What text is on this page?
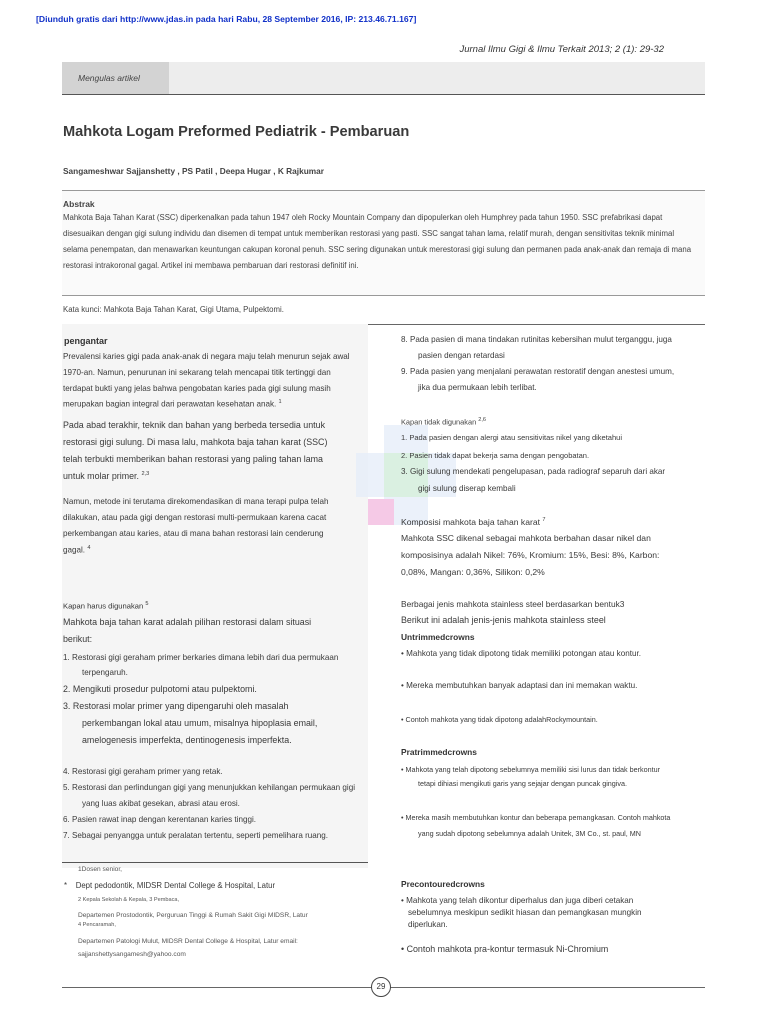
[Diunduh gratis dari http://www.jdas.in pada hari Rabu, 28 September 2016, IP: 213.46.71.167]
Jurnal Ilmu Gigi & Ilmu Terkait 2013; 2 (1): 29-32
Mengulas artikel
Mahkota Logam Preformed Pediatrik - Pembaruan
Sangameshwar Sajjanshetty , PS Patil , Deepa Hugar , K Rajkumar
Abstrak
Mahkota Baja Tahan Karat (SSC) diperkenalkan pada tahun 1947 oleh Rocky Mountain Company dan dipopulerkan oleh Humphrey pada tahun 1950. SSC prefabrikasi dapat
disesuaikan dengan gigi sulung individu dan disemen di tempat untuk memberikan restorasi yang pasti. SSC sangat tahan lama, relatif murah, dengan sensitivitas teknik minimal
selama penempatan, dan menawarkan keuntungan cakupan koronal penuh. SSC sering digunakan untuk merestorasi gigi sulung dan permanen pada anak-anak dan remaja di mana
restorasi intrakoronal gagal. Artikel ini membawa pembaruan dari restorasi definitif ini.
Kata kunci: Mahkota Baja Tahan Karat, Gigi Utama, Pulpektomi.
pengantar
Prevalensi karies gigi pada anak-anak di negara maju telah menurun sejak awal
1970-an. Namun, penurunan ini sekarang telah mencapai titik tertinggi dan
terdapat bukti yang jelas bahwa pengobatan karies pada gigi sulung masih
merupakan bagian integral dari perawatan kesehatan anak. $^1$
Pada abad terakhir, teknik dan bahan yang berbeda tersedia untuk
restorasi gigi sulung. Di masa lalu, mahkota baja tahan karat (SSC)
telah terbukti memberikan bahan restorasi yang paling tahan lama
untuk molar primer. $^{2,3}$
Namun, metode ini terutama direkomendasikan di mana terapi pulpa telah
dilakukan, atau pada gigi dengan restorasi multi-permukaan karena cacat
perkembangan atau karies, atau di mana bahan restorasi lain cenderung
gagal. $^4$
Kapan harus digunakan $^5$
Mahkota baja tahan karat adalah pilihan restorasi dalam situasi
berikut:
1. Restorasi gigi geraham primer berkaries dimana lebih dari dua permukaan
terpengaruh.
2. Mengikuti prosedur pulpotomi atau pulpektomi.
3. Restorasi molar primer yang dipengaruhi oleh masalah
perkembangan lokal atau umum, misalnya hipoplasia email,
amelogenesis imperfekta, dentinogenesis imperfekta.
4. Restorasi gigi geraham primer yang retak.
5. Restorasi dan perlindungan gigi yang menunjukkan kehilangan permukaan gigi
yang luas akibat gesekan, abrasi atau erosi.
6. Pasien rawat inap dengan kerentanan karies tinggi.
7. Sebagai penyangga untuk peralatan tertentu, seperti pemelihara ruang.
1Dosen senior,
*    Dept pedodontik, MIDSR Dental College & Hospital, Latur
2 Kepala Sekolah & Kepala, 3 Pembaca,
Departemen Prostodontik, Perguruan Tinggi & Rumah Sakit Gigi MIDSR, Latur
4 Pencaramah,
Departemen Patologi Mulut, MIDSR Dental College & Hospital, Latur email:
sajjanshettysangamesh@yahoo.com
8. Pada pasien di mana tindakan rutinitas kebersihan mulut terganggu, juga
pasien dengan retardasi
9. Pada pasien yang menjalani perawatan restoratif dengan anestesi umum,
jika dua permukaan lebih terlibat.
Kapan tidak digunakan $^{2,6}$
1. Pada pasien dengan alergi atau sensitivitas nikel yang diketahui
2. Pasien tidak dapat bekerja sama dengan pengobatan.
3. Gigi sulung mendekati pengelupasan, pada radiograf separuh dari akar
gigi sulung diserap kembali
Komposisi mahkota baja tahan karat $^7$
Mahkota SSC dikenal sebagai mahkota berbahan dasar nikel dan
komposisinya adalah Nikel: 76%, Kromium: 15%, Besi: 8%, Karbon:
0,08%, Mangan: 0,36%, Silikon: 0,2%
Berbagai jenis mahkota stainless steel berdasarkan bentuk3
Berikut ini adalah jenis-jenis mahkota stainless steel
Untrimmedcrowns
• Mahkota yang tidak dipotong tidak memiliki potongan atau kontur.
• Mereka membutuhkan banyak adaptasi dan ini memakan waktu.
• Contoh mahkota yang tidak dipotong adalahRockymountain.
Pratrimmedcrowns
• Mahkota yang telah dipotong sebelumnya memiliki sisi lurus dan tidak berkontur
tetapi dihiasi mengikuti garis yang sejajar dengan puncak gingiva.
• Mereka masih membutuhkan kontur dan beberapa pemangkasan. Contoh mahkota
yang sudah dipotong sebelumnya adalah Unitek, 3M Co., st. paul, MN
Precontouredcrowns
• Mahkota yang telah dikontur diperhalus dan juga diberi cetakan
sebelumnya meskipun sedikit hiasan dan pemangkasan mungkin
diperlukan.
• Contoh mahkota pra-kontur termasuk Ni-Chromium
29
